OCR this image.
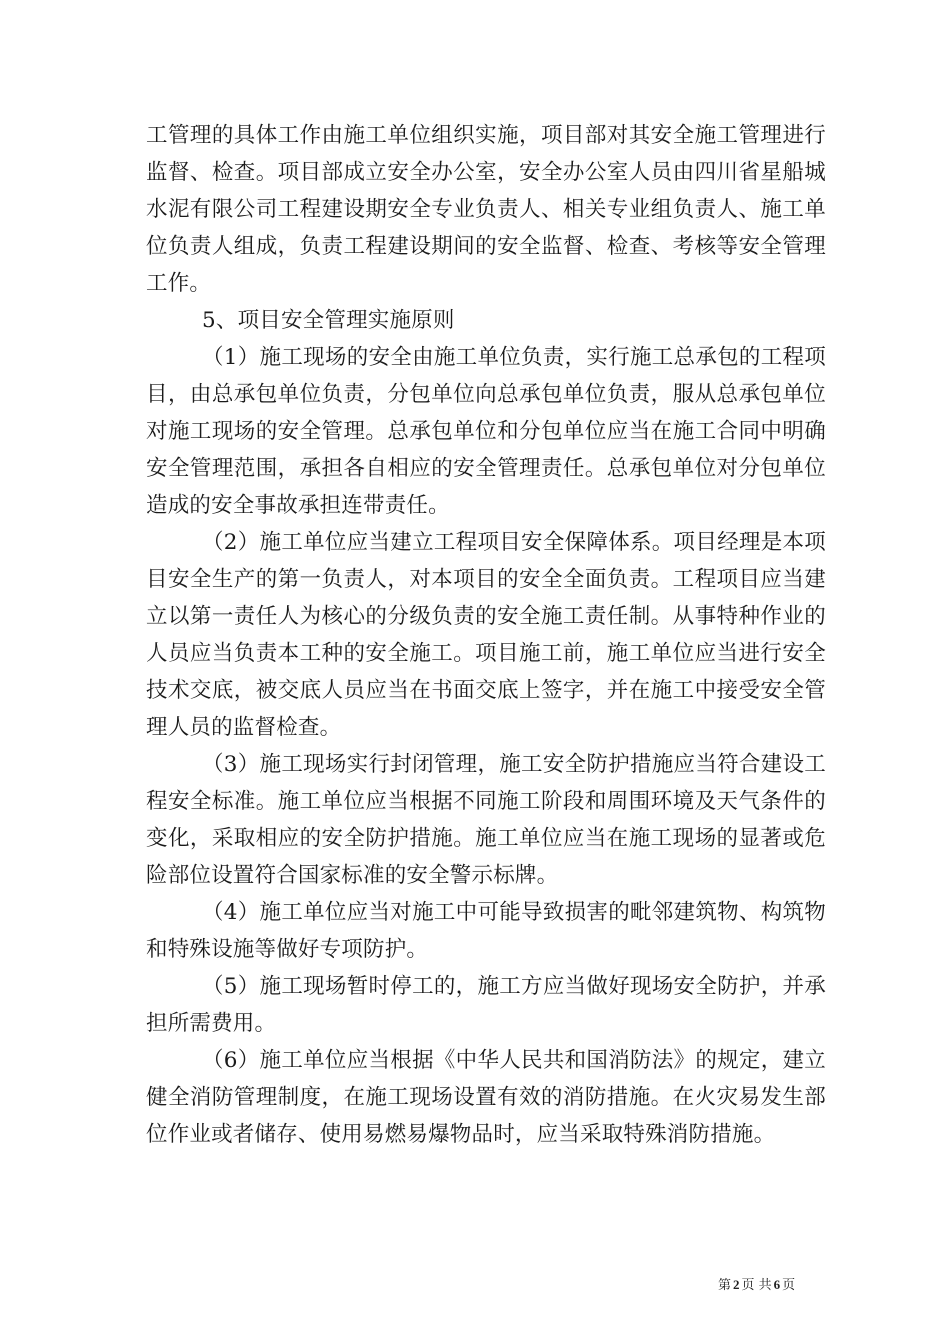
工管理的具体工作由施工单位组织实施，项目部对其安全施工管理进行监督、检查。项目部成立安全办公室，安全办公室人员由四川省星船城水泥有限公司工程建设期安全专业负责人、相关专业组负责人、施工单位负责人组成，负责工程建设期间的安全监督、检查、考核等安全管理工作。

5、项目安全管理实施原则

（1）施工现场的安全由施工单位负责，实行施工总承包的工程项目，由总承包单位负责，分包单位向总承包单位负责，服从总承包单位对施工现场的安全管理。总承包单位和分包单位应当在施工合同中明确安全管理范围，承担各自相应的安全管理责任。总承包单位对分包单位造成的安全事故承担连带责任。

（2）施工单位应当建立工程项目安全保障体系。项目经理是本项目安全生产的第一负责人，对本项目的安全全面负责。工程项目应当建立以第一责任人为核心的分级负责的安全施工责任制。从事特种作业的人员应当负责本工种的安全施工。项目施工前，施工单位应当进行安全技术交底，被交底人员应当在书面交底上签字，并在施工中接受安全管理人员的监督检查。

（3）施工现场实行封闭管理，施工安全防护措施应当符合建设工程安全标准。施工单位应当根据不同施工阶段和周围环境及天气条件的变化，采取相应的安全防护措施。施工单位应当在施工现场的显著或危险部位设置符合国家标准的安全警示标牌。

（4）施工单位应当对施工中可能导致损害的毗邻建筑物、构筑物和特殊设施等做好专项防护。

（5）施工现场暂时停工的，施工方应当做好现场安全防护，并承担所需费用。

（6）施工单位应当根据《中华人民共和国消防法》的规定，建立健全消防管理制度，在施工现场设置有效的消防措施。在火灾易发生部位作业或者储存、使用易燃易爆物品时，应当采取特殊消防措施。

第 2 页 共 6 页
